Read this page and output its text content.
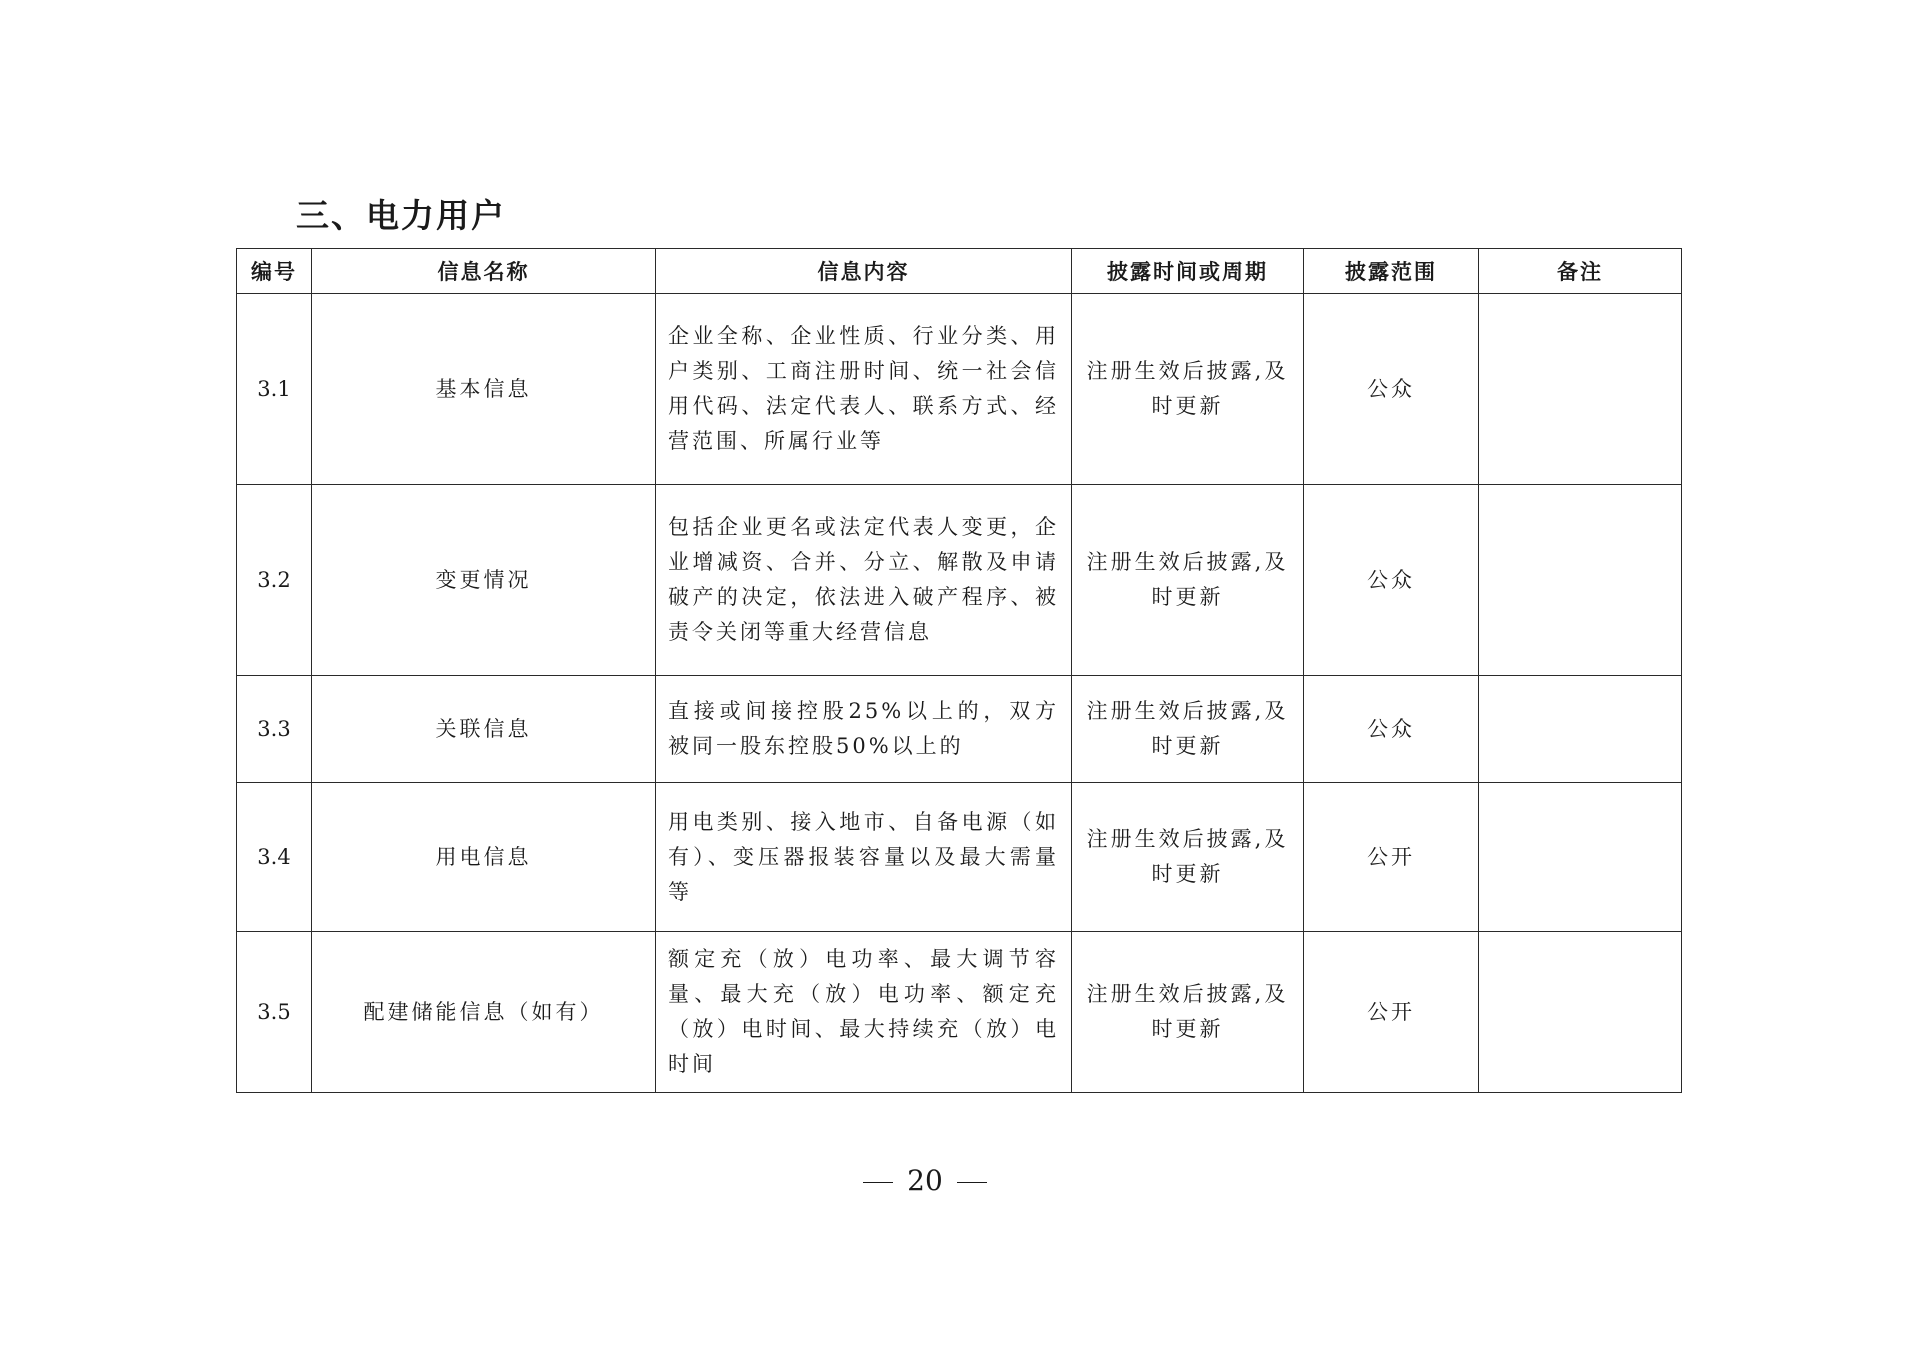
三、电力用户
编号	信息名称	信息内容	披露时间或周期	披露范围	备注
3.1	基本信息	企业全称、企业性质、行业分类、用户类别、工商注册时间、统一社会信用代码、法定代表人、联系方式、经营范围、所属行业等	注册生效后披露,及时更新	公众	
3.2	变更情况	包括企业更名或法定代表人变更，企业增减资、合并、分立、解散及申请破产的决定，依法进入破产程序、被责令关闭等重大经营信息	注册生效后披露,及时更新	公众	
3.3	关联信息	直接或间接控股25%以上的，双方被同一股东控股50%以上的	注册生效后披露,及时更新	公众	
3.4	用电信息	用电类别、接入地市、自备电源（如有）、变压器报装容量以及最大需量等	注册生效后披露,及时更新	公开	
3.5	配建储能信息（如有）	额定充（放）电功率、最大调节容量、最大充（放）电功率、额定充（放）电时间、最大持续充（放）电时间	注册生效后披露,及时更新	公开	
20
